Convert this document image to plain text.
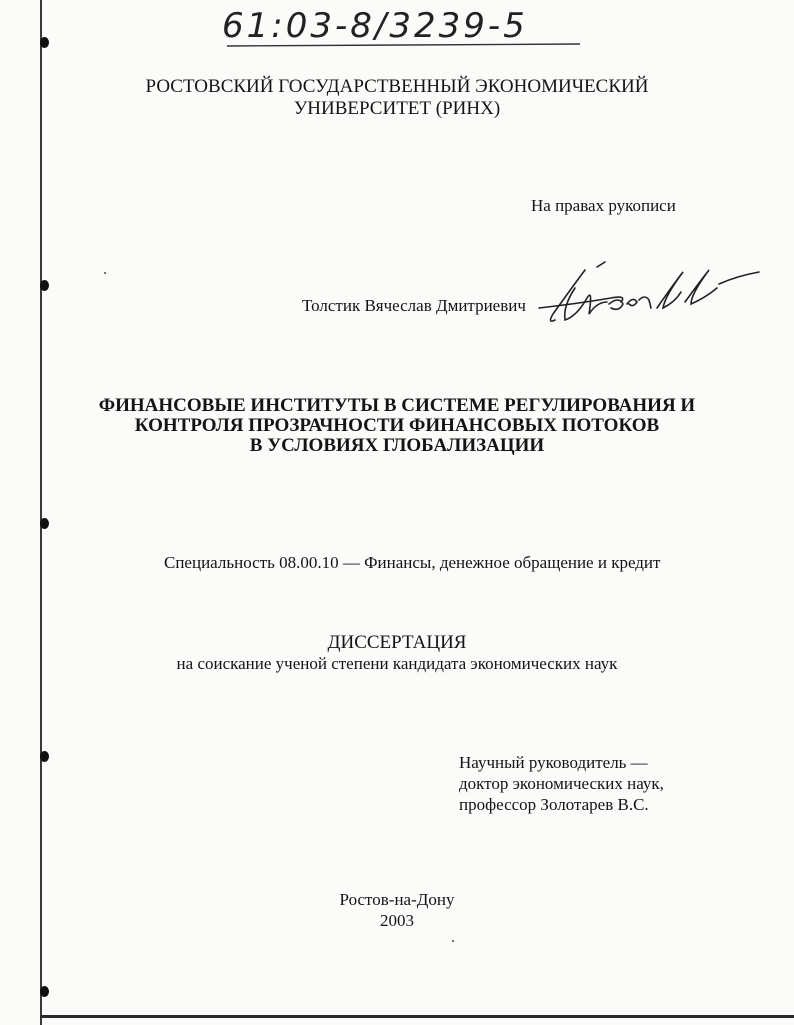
61:03-8/3239-5
РОСТОВСКИЙ ГОСУДАРСТВЕННЫЙ ЭКОНОМИЧЕСКИЙ
УНИВЕРСИТЕТ (РИНХ)
На правах рукописи
Толстик Вячеслав Дмитриевич
ФИНАНСОВЫЕ ИНСТИТУТЫ В СИСТЕМЕ РЕГУЛИРОВАНИЯ И
КОНТРОЛЯ ПРОЗРАЧНОСТИ ФИНАНСОВЫХ ПОТОКОВ
В УСЛОВИЯХ ГЛОБАЛИЗАЦИИ
Специальность 08.00.10 — Финансы, денежное обращение и кредит
ДИССЕРТАЦИЯ
на соискание ученой степени кандидата экономических наук
Научный руководитель —
доктор экономических наук,
профессор Золотарев В.С.
Ростов-на-Дону
2003
